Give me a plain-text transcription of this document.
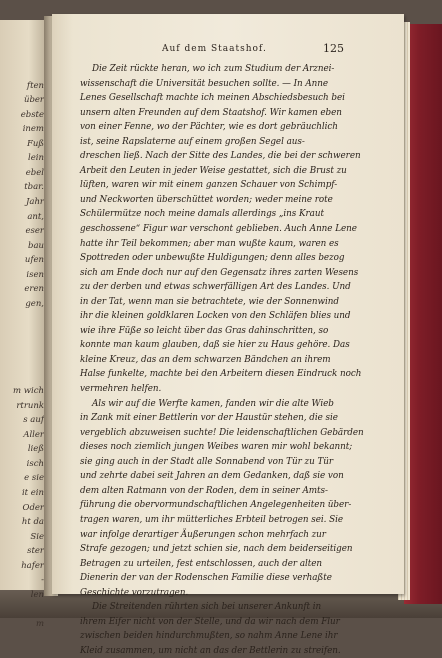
ften
über
ebste
inem
Fuß
lein
ebel
tbar.
Jahr
ant,
eser
bau
ufen
isen
eren
gen,
m wich
rtrunk
s auf
Aller
ließ
isch
e sie
it ein
Oder
ht da
Sie
ster
hafer
-
len
m
Auf dem Staatshof.	125
Die Zeit rückte heran, wo ich zum Studium der Arznei-
wissenschaft die Universität besuchen sollte. — In Anne
Lenes Gesellschaft machte ich meinen Abschiedsbesuch bei
unsern alten Freunden auf dem Staatshof. Wir kamen eben
von einer Fenne, wo der Pächter, wie es dort gebräuchlich
ist, seine Rapslaterne auf einem großen Segel aus-
dreschen ließ. Nach der Sitte des Landes, die bei der schweren
Arbeit den Leuten in jeder Weise gestattet, sich die Brust zu
lüften, waren wir mit einem ganzen Schauer von Schimpf-
und Neckworten überschüttet worden; weder meine rote
Schülermütze noch meine damals allerdings „ins Kraut
geschossene“ Figur war verschont geblieben. Auch Anne Lene
hatte ihr Teil bekommen; aber man wußte kaum, waren es
Spottreden oder unbewußte Huldigungen; denn alles bezog
sich am Ende doch nur auf den Gegensatz ihres zarten Wesens
zu der derben und etwas schwerfälligen Art des Landes. Und
in der Tat, wenn man sie betrachtete, wie der Sonnenwind
ihr die kleinen goldklaren Locken von den Schläfen blies und
wie ihre Füße so leicht über das Gras dahinschritten, so
konnte man kaum glauben, daß sie hier zu Haus gehöre. Das
kleine Kreuz, das an dem schwarzen Bändchen an ihrem
Halse funkelte, machte bei den Arbeitern diesen Eindruck noch
vermehren helfen.
Als wir auf die Werfte kamen, fanden wir die alte Wieb
in Zank mit einer Bettlerin vor der Haustür stehen, die sie
vergeblich abzuweisen suchte! Die leidenschaftlichen Gebärden
dieses noch ziemlich jungen Weibes waren mir wohl bekannt;
sie ging auch in der Stadt alle Sonnabend von Tür zu Tür
und zehrte dabei seit Jahren an dem Gedanken, daß sie von
dem alten Ratmann von der Roden, dem in seiner Amts-
führung die obervormundschaftlichen Angelegenheiten über-
tragen waren, um ihr mütterliches Erbteil betrogen sei. Sie
war infolge derartiger Äußerungen schon mehrfach zur
Strafe gezogen; und jetzt schien sie, nach dem beiderseitigen
Betragen zu urteilen, fest entschlossen, auch der alten
Dienerin der van der Rodenschen Familie diese verhaßte
Geschichte vorzutragen.
Die Streitenden rührten sich bei unserer Ankunft in
ihrem Eifer nicht von der Stelle, und da wir nach dem Flur
zwischen beiden hindurchmußten, so nahm Anne Lene ihr
Kleid zusammen, um nicht an das der Bettlerin zu streifen.
